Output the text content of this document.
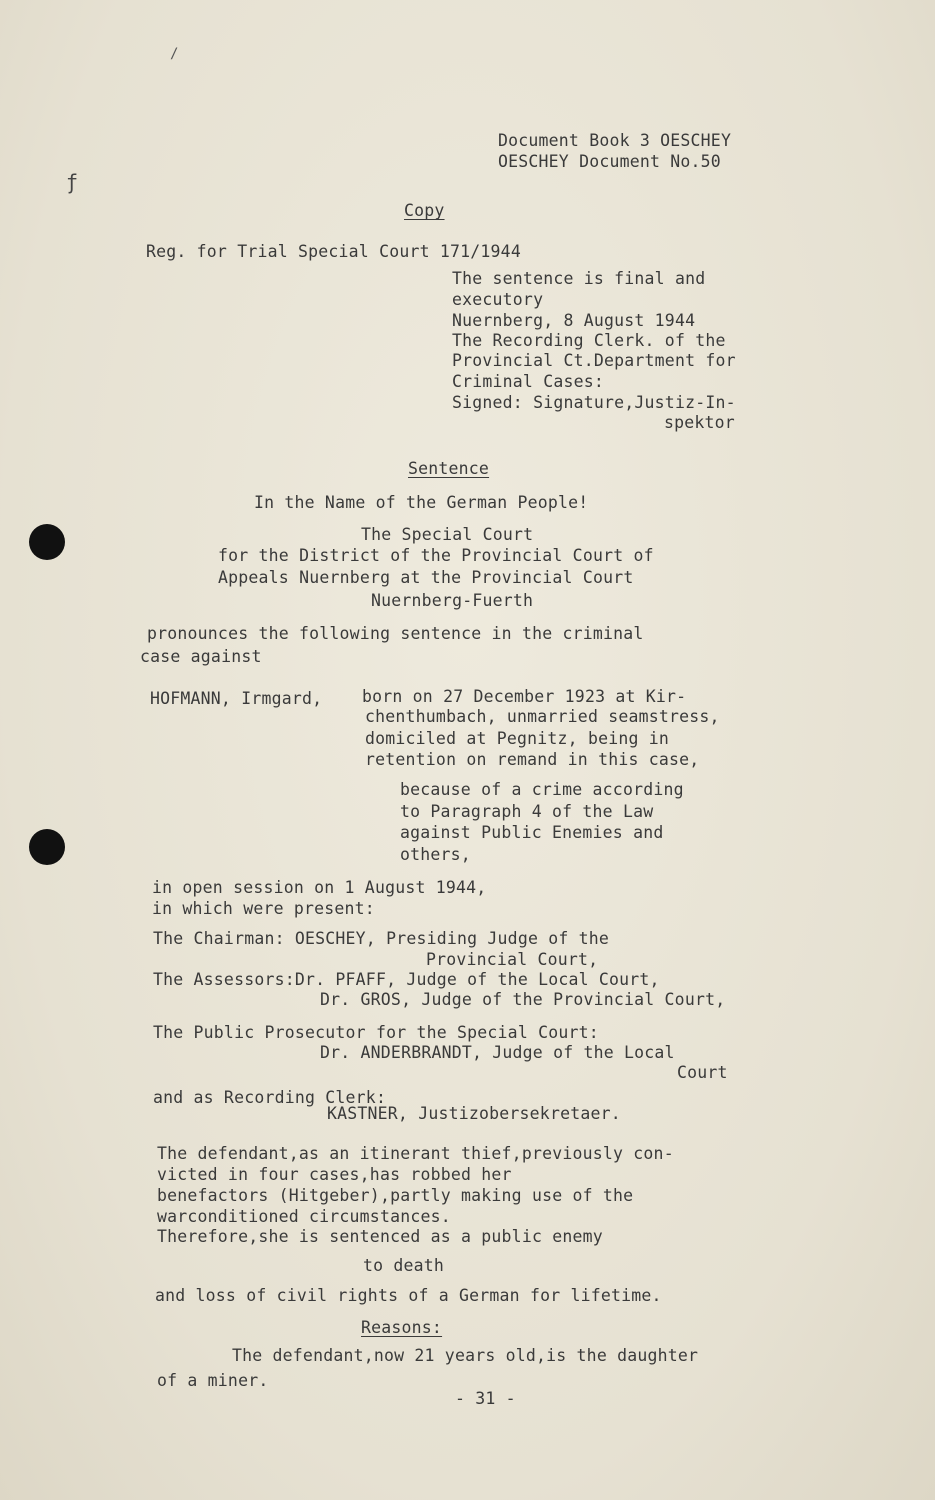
/
ƒ
Document Book 3 OESCHEY
OESCHEY Document No.50
Copy
Reg. for Trial Special Court 171/1944
The sentence is final and
executory
Nuernberg, 8 August 1944
The Recording Clerk. of the
Provincial Ct.Department for
Criminal Cases:
Signed: Signature,Justiz-In-
spektor
Sentence
In the Name of the German People!
The Special Court
for the District of the Provincial Court of
Appeals Nuernberg at the Provincial Court
Nuernberg-Fuerth
pronounces the following sentence in the criminal
case against
HOFMANN, Irmgard, born on 27 December 1923 at Kir-
chenthumbach, unmarried seamstress,
domiciled at Pegnitz, being in
retention on remand in this case,
because of a crime according
to Paragraph 4 of the Law
against Public Enemies and
others,
in open session on 1 August 1944,
in which were present:
The Chairman: OESCHEY, Presiding Judge of the
Provincial Court,
The Assessors:Dr. PFAFF, Judge of the Local Court,
Dr. GROS, Judge of the Provincial Court,
The Public Prosecutor for the Special Court:
Dr. ANDERBRANDT, Judge of the Local
Court
and as Recording Clerk:
KASTNER, Justizobersekretaer.
The defendant,as an itinerant thief,previously con-
victed in four cases,has robbed her
benefactors (Hitgeber),partly making use of the
warconditioned circumstances.
Therefore,she is sentenced as a public enemy
to death
and loss of civil rights of a German for lifetime.
Reasons:
The defendant,now 21 years old,is the daughter
of a miner.
- 31 -
